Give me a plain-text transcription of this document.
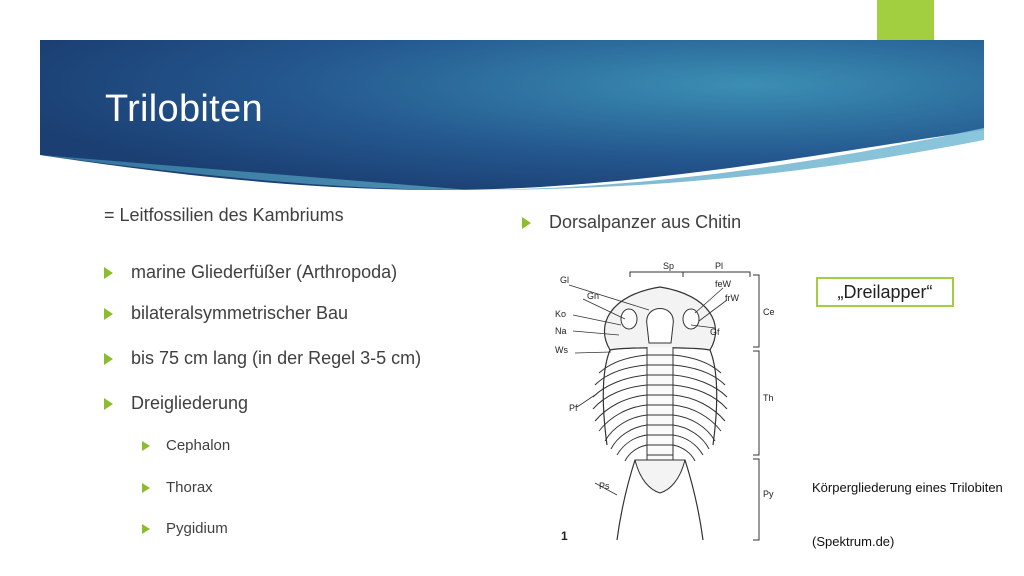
Trilobiten
= Leitfossilien des Kambriums
marine Gliederfüßer (Arthropoda)
bilateralsymmetrischer Bau
bis 75 cm lang (in der Regel 3-5 cm)
Dreigliederung
Cephalon
Thorax
Pygidium
Dorsalpanzer aus Chitin
„Dreilapper“
Körpergliederung eines Trilobiten
(Spektrum.de)
Gl
Gn
Ko
Na
Ws
Pf
Ps
Sp	Pl
feW
frW
Gf
Ce
Th
Py
1
